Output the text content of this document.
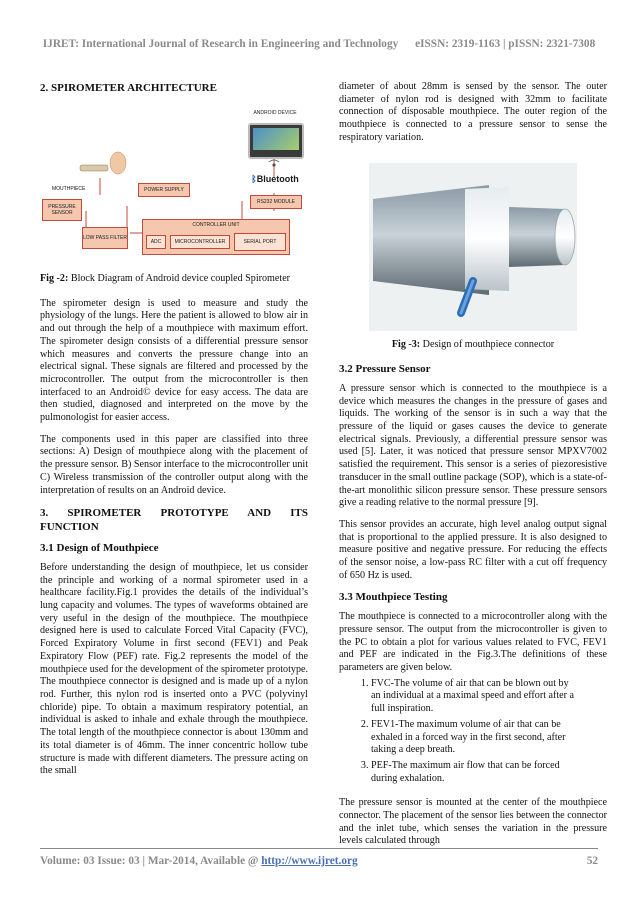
IJRET: International Journal of Research in Engineering and Technology eISSN: 2319-1163 | pISSN: 2321-7308
2. SPIROMETER ARCHITECTURE
ANDROID DEVICE
ᛒBluetooth
MOUTHPIECE	POWER SUPPLY
RS232 MODULE
PRESSURE SENSOR
CONTROLLER UNIT
ADC	MICROCONTROLLER	SERIAL PORT
LOW PASS FILTER

Fig -2: Block Diagram of Android device coupled Spirometer

The spirometer design is used to measure and study the physiology of the lungs. Here the patient is allowed to blow air in and out through the help of a mouthpiece with maximum effort. The spirometer design consists of a differential pressure sensor which measures and converts the pressure change into an electrical signal. These signals are filtered and processed by the microcontroller. The output from the microcontroller is then interfaced to an Android© device for easy access. The data are then studied, diagnosed and interpreted on the move by the pulmonologist for easier access.

The components used in this paper are classified into three sections: A) Design of mouthpiece along with the placement of the pressure sensor. B) Sensor interface to the microcontroller unit C) Wireless transmission of the controller output along with the interpretation of results on an Android device.

3. SPIROMETER PROTOTYPE AND ITS
FUNCTION
3.1 Design of Mouthpiece

Before understanding the design of mouthpiece, let us consider the principle and working of a normal spirometer used in a healthcare facility.Fig.1 provides the details of the individual’s lung capacity and volumes. The types of waveforms obtained are very useful in the design of the mouthpiece. The mouthpiece designed here is used to calculate Forced Vital Capacity (FVC), Forced Expiratory Volume in first second (FEV1) and Peak Expiratory Flow (PEF) rate. Fig.2 represents the model of the mouthpiece used for the development of the spirometer prototype. The mouthpiece connector is designed and is made up of a nylon rod. Further, this nylon rod is inserted onto a PVC (polyvinyl chloride) pipe. To obtain a maximum respiratory potential, an individual is asked to inhale and exhale through the mouthpiece. The total length of the mouthpiece connector is about 130mm and its total diameter is of 46mm. The inner concentric hollow tube structure is made with different diameters. The pressure acting on the small

diameter of about 28mm is sensed by the sensor. The outer diameter of nylon rod is designed with 32mm to facilitate connection of disposable mouthpiece. The outer region of the mouthpiece is connected to a pressure sensor to sense the respiratory variation.

Fig -3: Design of mouthpiece connector

3.2 Pressure Sensor

A pressure sensor which is connected to the mouthpiece is a device which measures the changes in the pressure of gases and liquids. The working of the sensor is in such a way that the pressure of the liquid or gases causes the device to generate electrical signals. Previously, a differential pressure sensor was used [5]. Later, it was noticed that pressure sensor MPXV7002 satisfied the requirement. This sensor is a series of piezoresistive transducer in the small outline package (SOP), which is a state-of-the-art monolithic silicon pressure sensor. These pressure sensors give a reading relative to the normal pressure [9].

This sensor provides an accurate, high level analog output signal that is proportional to the applied pressure. It is also designed to measure positive and negative pressure. For reducing the effects of the sensor noise, a low-pass RC filter with a cut off frequency of 650 Hz is used.

3.3 Mouthpiece Testing

The mouthpiece is connected to a microcontroller along with the pressure sensor. The output from the microcontroller is given to the PC to obtain a plot for various values related to FVC, FEV1 and PEF are indicated in the Fig.3.The definitions of these parameters are given below.

1. FVC-The volume of air that can be blown out by an individual at a maximal speed and effort after a full inspiration.
2. FEV1-The maximum volume of air that can be exhaled in a forced way in the first second, after taking a deep breath.
3. PEF-The maximum air flow that can be forced during exhalation.

The pressure sensor is mounted at the center of the mouthpiece connector. The placement of the sensor lies between the connector and the inlet tube, which senses the variation in the pressure levels calculated through

Volume: 03 Issue: 03 | Mar-2014, Available @ http://www.ijret.org	52
